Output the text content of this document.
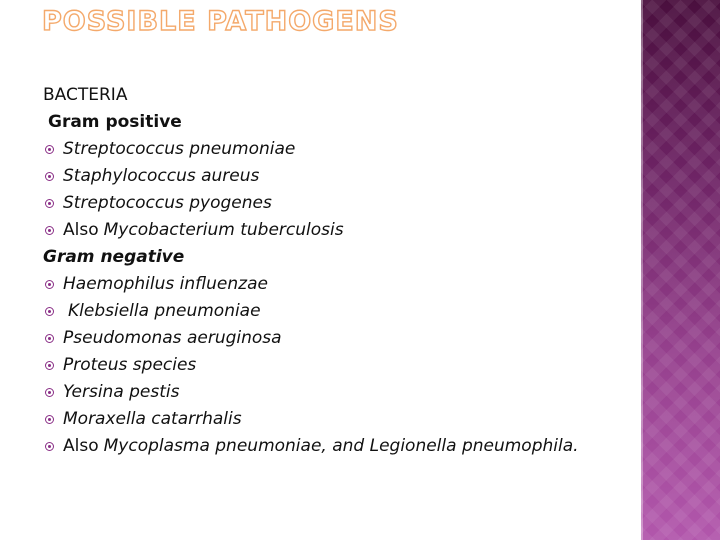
POSSIBLE PATHOGENS
BACTERIA
Gram positive
Streptococcus pneumoniae
Staphylococcus aureus
Streptococcus pyogenes
Also Mycobacterium tuberculosis
Gram negative
Haemophilus influenzae
Klebsiella pneumoniae
Pseudomonas aeruginosa
Proteus species
Yersina pestis
Moraxella catarrhalis
Also Mycoplasma pneumoniae, and Legionella pneumophila.
